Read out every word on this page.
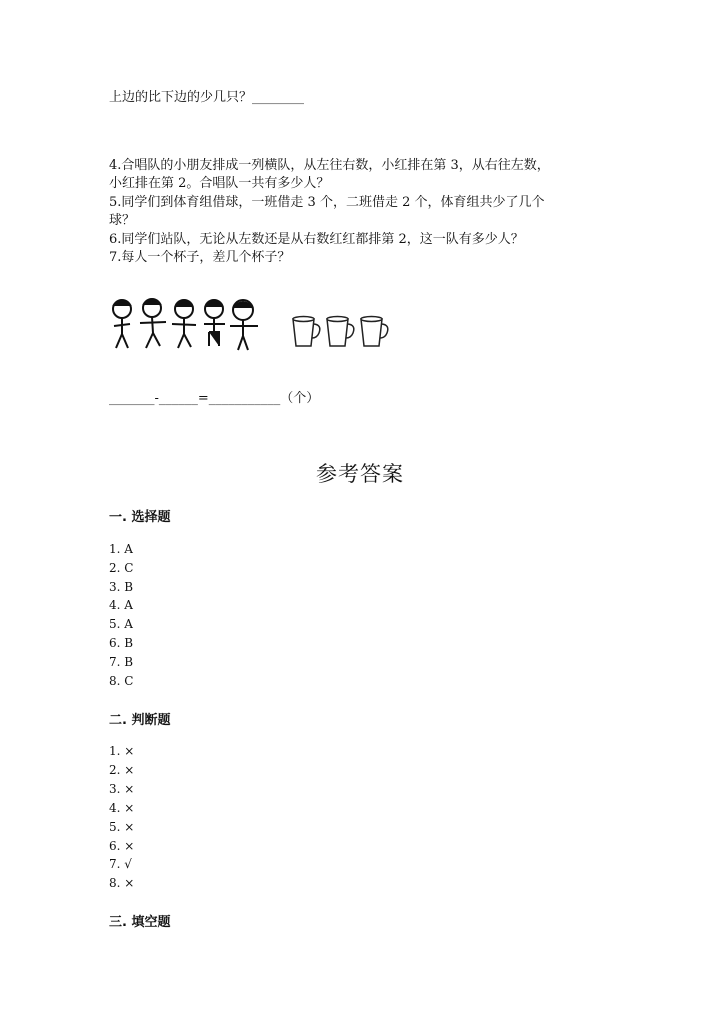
上边的比下边的少几只？________
4.合唱队的小朋友排成一列横队，从左往右数，小红排在第 3，从右往左数，
小红排在第 2。合唱队一共有多少人？
5.同学们到体育组借球，一班借走 3 个，二班借走 2 个，体育组共少了几个
球？
6.同学们站队，无论从左数还是从右数红红都排第 2，这一队有多少人？
7.每人一个杯子，差几个杯子？
_______-______=___________（个）
参考答案
一. 选择题
1. A
2. C
3. B
4. A
5. A
6. B
7. B
8. C
二. 判断题
1. ×
2. ×
3. ×
4. ×
5. ×
6. ×
7. √
8. ×
三. 填空题
